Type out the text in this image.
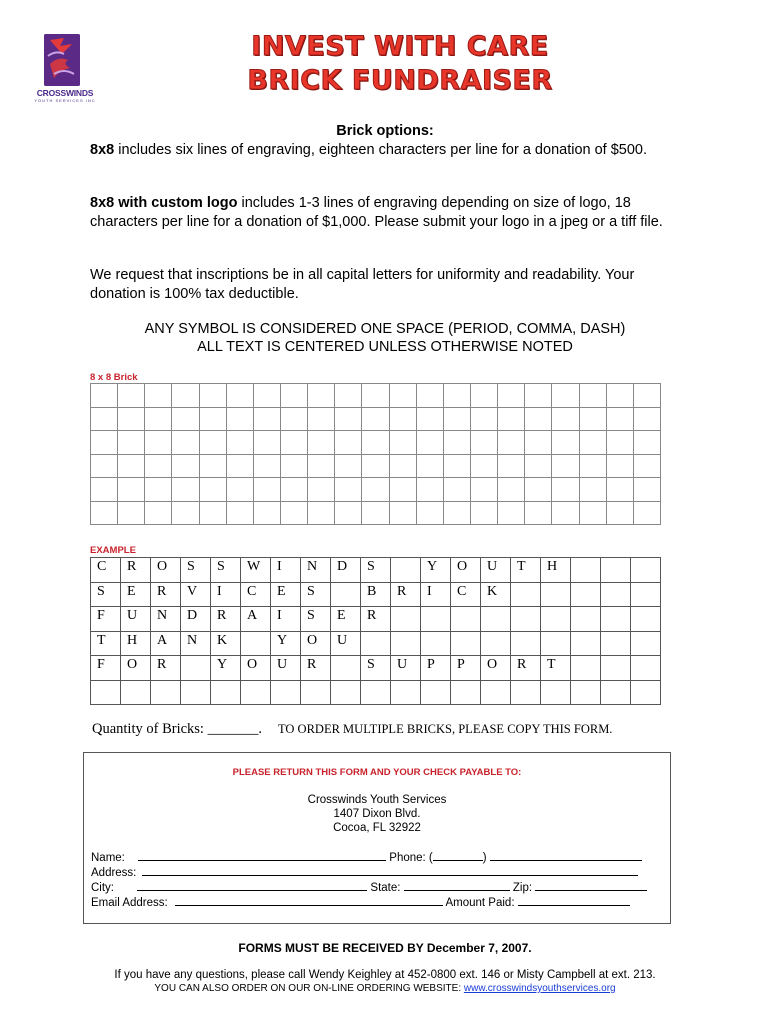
CROSSWINDS
YOUTH SERVICES INC
INVEST WITH CARE
BRICK FUNDRAISER
Brick options:
8x8 includes six lines of engraving, eighteen characters per line for a donation of $500.
8x8 with custom logo includes 1-3 lines of engraving depending on size of logo, 18 characters per line for a donation of $1,000. Please submit your logo in a jpeg or a tiff file.
We request that inscriptions be in all capital letters for uniformity and readability. Your donation is 100% tax deductible.
ANY SYMBOL IS CONSIDERED ONE SPACE (PERIOD, COMMA, DASH)
ALL TEXT IS CENTERED UNLESS OTHERWISE NOTED
8 x 8 Brick

EXAMPLE
C	R	O	S	S	W	I	N	D	S		Y	O	U	T	H			
S	E	R	V	I	C	E	S		B	R	I	C	K					
F	U	N	D	R	A	I	S	E	R									
T	H	A	N	K		Y	O	U										
F	O	R		Y	O	U	R		S	U	P	P	O	R	T			

Quantity of Bricks: _______. TO ORDER MULTIPLE BRICKS, PLEASE COPY THIS FORM.
PLEASE RETURN THIS FORM AND YOUR CHECK PAYABLE TO:
Crosswinds Youth Services
1407 Dixon Blvd.
Cocoa, FL 32922
Name:	Phone: (	)
Address:
City:	State:	Zip:
Email Address:	Amount Paid:
FORMS MUST BE RECEIVED BY December 7, 2007.
If you have any questions, please call Wendy Keighley at 452-0800 ext. 146 or Misty Campbell at ext. 213.
YOU CAN ALSO ORDER ON OUR ON-LINE ORDERING WEBSITE: www.crosswindsyouthservices.org
